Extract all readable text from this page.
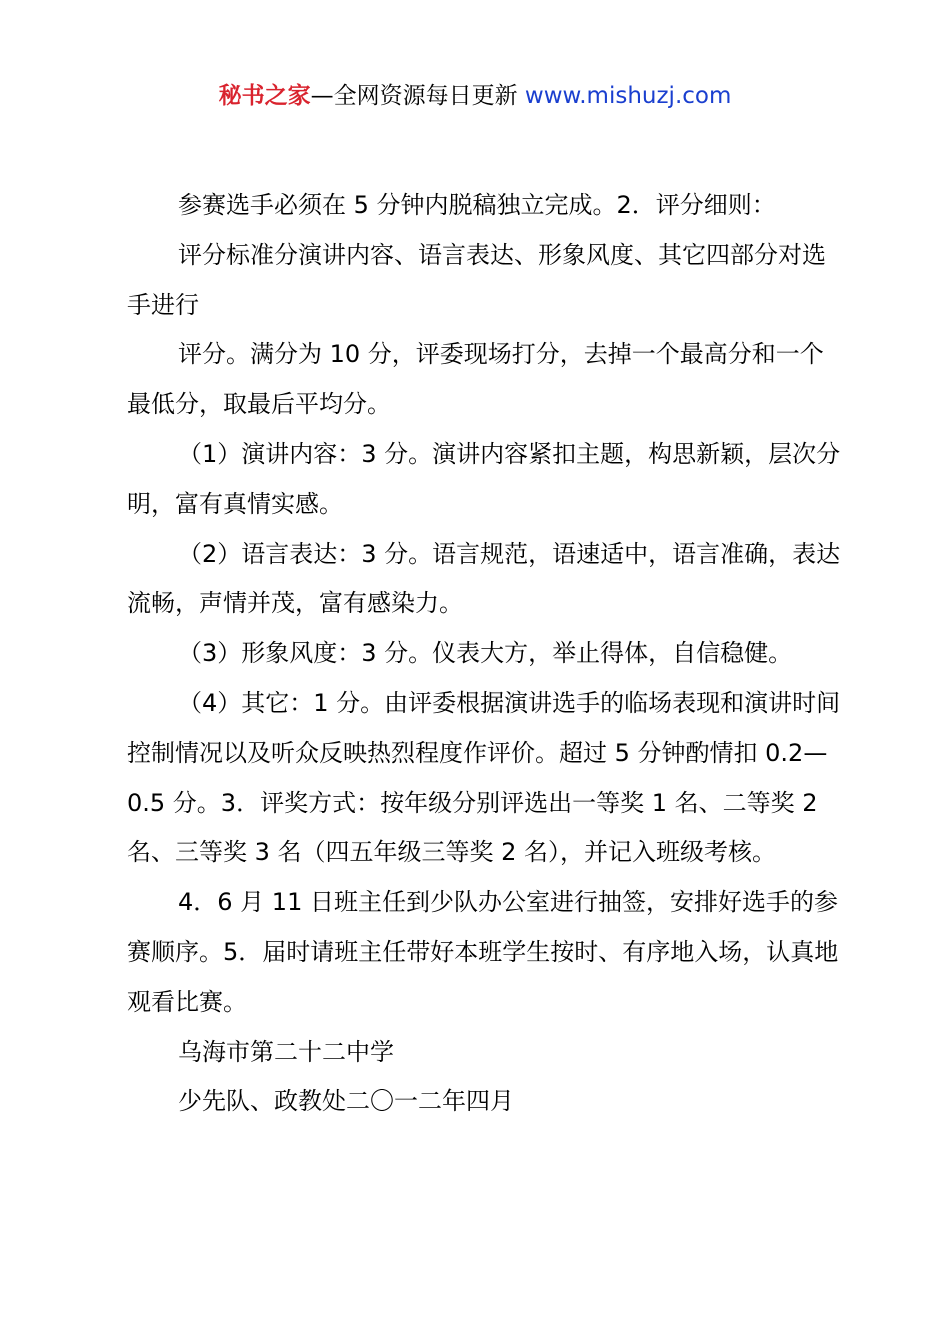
秘书之家—全网资源每日更新 www.mishuzj.com

参赛选手必须在 5 分钟内脱稿独立完成。2．评分细则：

评分标准分演讲内容、语言表达、形象风度、其它四部分对选手进行

评分。满分为 10 分，评委现场打分，去掉一个最高分和一个最低分，取最后平均分。

（1）演讲内容：3 分。演讲内容紧扣主题，构思新颖，层次分明，富有真情实感。

（2）语言表达：3 分。语言规范，语速适中，语言准确，表达流畅，声情并茂，富有感染力。

（3）形象风度：3 分。仪表大方，举止得体，自信稳健。

（4）其它：1 分。由评委根据演讲选手的临场表现和演讲时间控制情况以及听众反映热烈程度作评价。超过 5 分钟酌情扣 0.2—0.5 分。3．评奖方式：按年级分别评选出一等奖 1 名、二等奖 2 名、三等奖 3 名（四五年级三等奖 2 名），并记入班级考核。

4．6 月 11 日班主任到少队办公室进行抽签，安排好选手的参赛顺序。5．届时请班主任带好本班学生按时、有序地入场，认真地观看比赛。

乌海市第二十二中学

少先队、政教处二〇一二年四月
